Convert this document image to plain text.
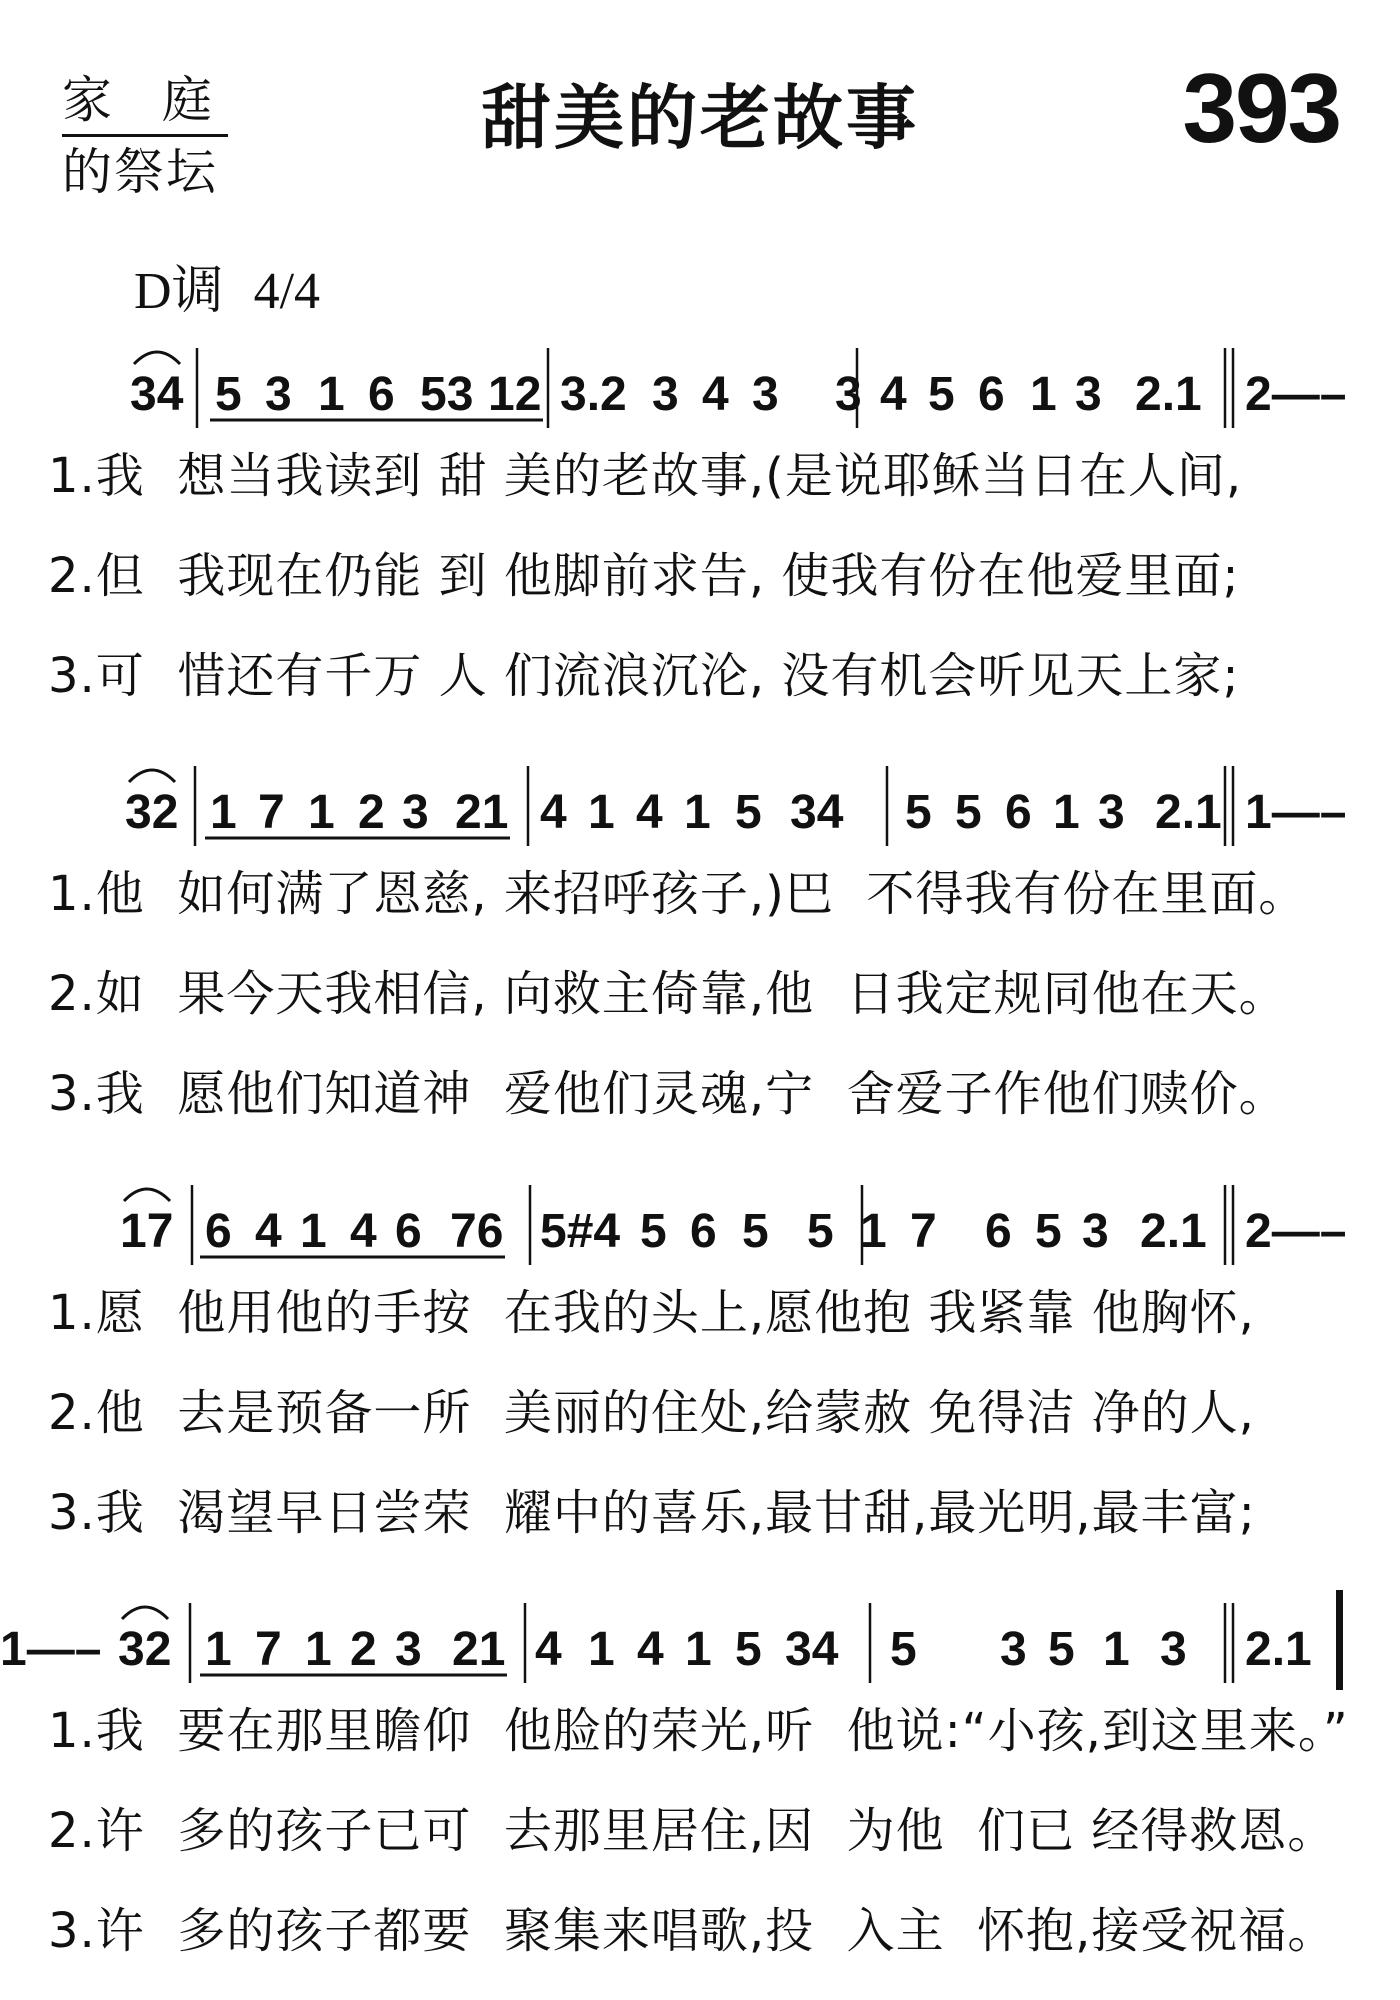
家 庭
的祭坛
甜美的老故事	393
D调 4/4
34 5 3 1 6 53 12 3.2 3 4 3 3 4 5 6 1 3 2.1 2—–
32 1 7 1 2 3 21 4 1 4 1 5 34 5 5 6 1 3 2.1 1—–
17 6 4 1 4 6 76 5#4 5 6 5 5 1 7 6 5 3 2.1 2—–
32 1 7 1 2 3 21 4 1 4 1 5 34 5 3 5 1 3 2.1
1—–
1.我  想当我读到 甜 美的老故事,(是说耶稣当日在人间,
2.但  我现在仍能 到 他脚前求告, 使我有份在他爱里面;
3.可  惜还有千万 人 们流浪沉沦, 没有机会听见天上家;
1.他  如何满了恩慈, 来招呼孩子,)巴  不得我有份在里面。
2.如  果今天我相信, 向救主倚靠,他  日我定规同他在天。
3.我  愿他们知道神  爱他们灵魂,宁  舍爱子作他们赎价。
1.愿  他用他的手按  在我的头上,愿他抱 我紧靠 他胸怀,
2.他  去是预备一所  美丽的住处,给蒙赦 免得洁 净的人,
3.我  渴望早日尝荣  耀中的喜乐,最甘甜,最光明,最丰富;
1.我  要在那里瞻仰  他脸的荣光,听  他说:“小孩,到这里来。”
2.许  多的孩子已可  去那里居住,因  为他  们已 经得救恩。
3.许  多的孩子都要  聚集来唱歌,投  入主  怀抱,接受祝福。
